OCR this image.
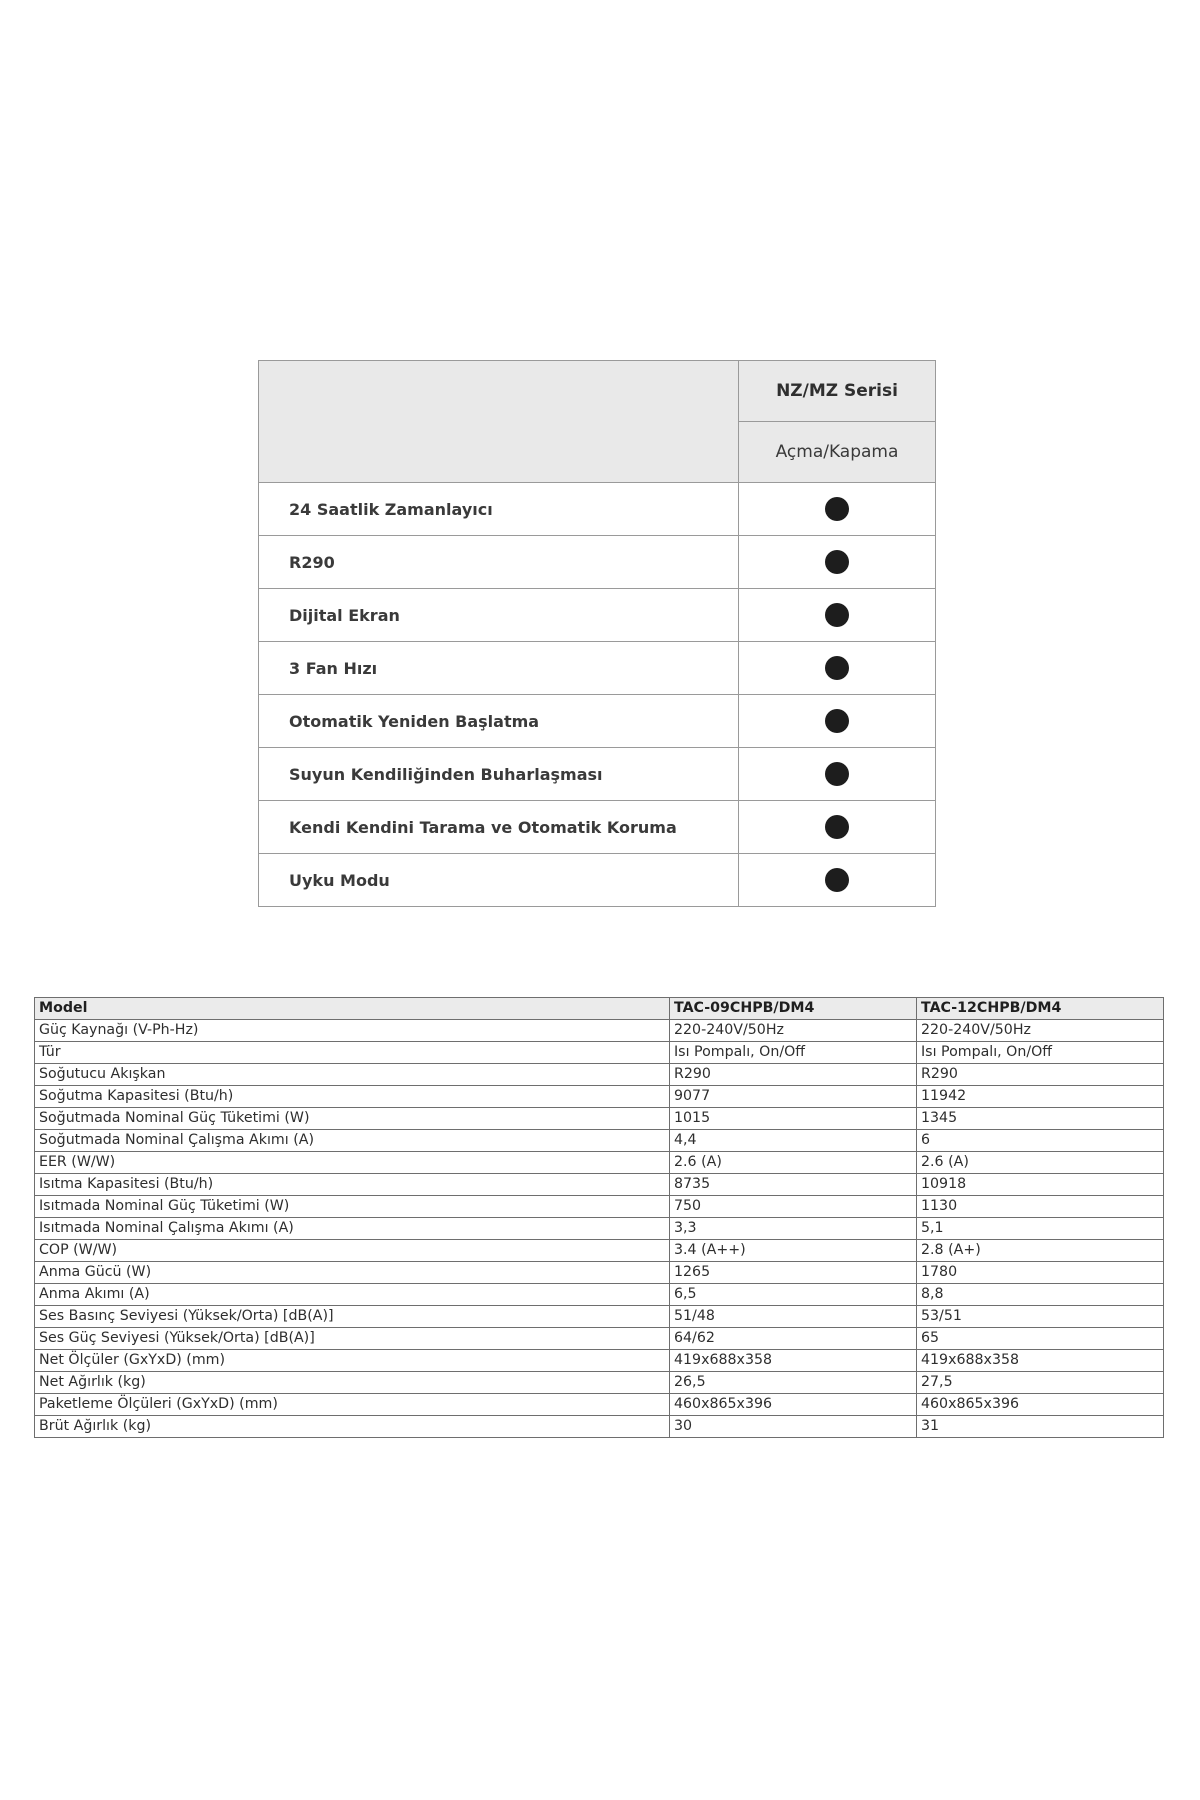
	NZ/MZ Serisi
	Açma/Kapama
24 Saatlik Zamanlayıcı	
R290	
Dijital Ekran	
3 Fan Hızı	
Otomatik Yeniden Başlatma	
Suyun Kendiliğinden Buharlaşması	
Kendi Kendini Tarama ve Otomatik Koruma	
Uyku Modu	
Model	TAC-09CHPB/DM4	TAC-12CHPB/DM4
Güç Kaynağı (V-Ph-Hz)	220-240V/50Hz	220-240V/50Hz
Tür	Isı Pompalı, On/Off	Isı Pompalı, On/Off
Soğutucu Akışkan	R290	R290
Soğutma Kapasitesi (Btu/h)	9077	11942
Soğutmada Nominal Güç Tüketimi (W)	1015	1345
Soğutmada Nominal Çalışma Akımı (A)	4,4	6
EER (W/W)	2.6 (A)	2.6 (A)
Isıtma Kapasitesi (Btu/h)	8735	10918
Isıtmada Nominal Güç Tüketimi (W)	750	1130
Isıtmada Nominal Çalışma Akımı (A)	3,3	5,1
COP (W/W)	3.4 (A++)	2.8 (A+)
Anma Gücü (W)	1265	1780
Anma Akımı (A)	6,5	8,8
Ses Basınç Seviyesi (Yüksek/Orta) [dB(A)]	51/48	53/51
Ses Güç Seviyesi (Yüksek/Orta) [dB(A)]	64/62	65
Net Ölçüler (GxYxD) (mm)	419x688x358	419x688x358
Net Ağırlık (kg)	26,5	27,5
Paketleme Ölçüleri (GxYxD) (mm)	460x865x396	460x865x396
Brüt Ağırlık (kg)	30	31
